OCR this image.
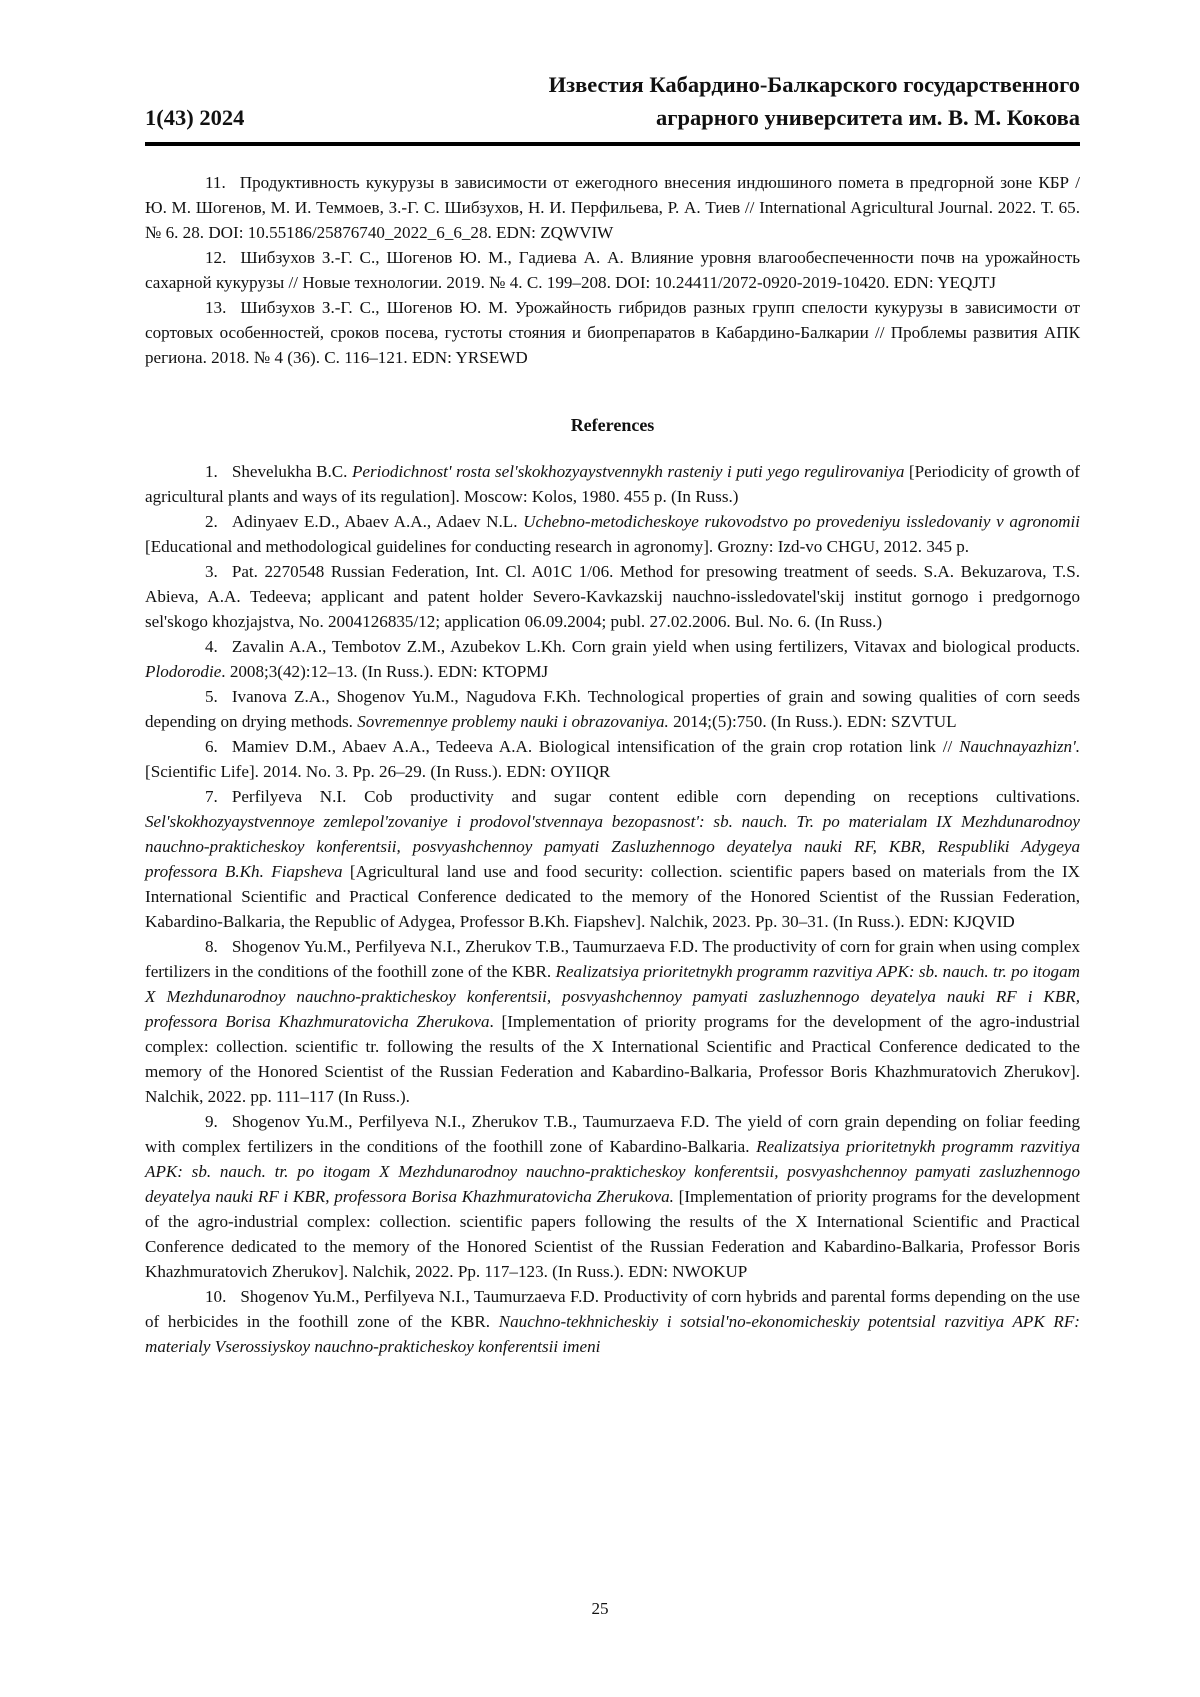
Известия Кабардино-Балкарского государственного
аграрного университета им. В. М. Кокова
1(43) 2024

11. Продуктивность кукурузы в зависимости от ежегодного внесения индюшиного помета в предгорной зоне КБР / Ю. М. Шогенов, М. И. Теммоев, З.-Г. С. Шибзухов, Н. И. Перфильева, Р. А. Тиев // International Agricultural Journal. 2022. Т. 65. № 6. 28. DOI: 10.55186/25876740_2022_6_6_28. EDN: ZQWVIW

12. Шибзухов З.-Г. С., Шогенов Ю. М., Гадиева А. А. Влияние уровня влагообеспеченности почв на урожайность сахарной кукурузы // Новые технологии. 2019. № 4. С. 199–208. DOI: 10.24411/2072-0920-2019-10420. EDN: YEQJTJ

13. Шибзухов З.-Г. С., Шогенов Ю. М. Урожайность гибридов разных групп спелости кукурузы в зависимости от сортовых особенностей, сроков посева, густоты стояния и биопрепаратов в Кабардино-Балкарии // Проблемы развития АПК региона. 2018. № 4 (36). С. 116–121. EDN: YRSEWD

References

1. Shevelukha B.C. Periodichnost' rosta sel'skokhozyaystvennykh rasteniy i puti yego regulirovaniya [Periodicity of growth of agricultural plants and ways of its regulation]. Moscow: Kolos, 1980. 455 p. (In Russ.)

2. Adinyaev E.D., Abaev A.A., Adaev N.L. Uchebno-metodicheskoye rukovodstvo po provedeniyu issledovaniy v agronomii [Educational and methodological guidelines for conducting research in agronomy]. Grozny: Izd-vo CHGU, 2012. 345 p.

3. Pat. 2270548 Russian Federation, Int. Cl. A01C 1/06. Method for presowing treatment of seeds. S.A. Bekuzarova, T.S. Abieva, A.A. Tedeeva; applicant and patent holder Severo-Kavkazskij nauchno-issledovatel'skij institut gornogo i predgornogo sel'skogo khozjajstva, No. 2004126835/12; application 06.09.2004; publ. 27.02.2006. Bul. No. 6. (In Russ.)

4. Zavalin A.A., Tembotov Z.M., Azubekov L.Kh. Corn grain yield when using fertilizers, Vitavax and biological products. Plodorodie. 2008;3(42):12–13. (In Russ.). EDN: KTOPMJ

5. Ivanova Z.A., Shogenov Yu.M., Nagudova F.Kh. Technological properties of grain and sowing qualities of corn seeds depending on drying methods. Sovremennye problemy nauki i obrazovaniya. 2014;(5):750. (In Russ.). EDN: SZVTUL

6. Mamiev D.M., Abaev A.A., Tedeeva A.A. Biological intensification of the grain crop rotation link // Nauchnayazhizn'. [Scientific Life]. 2014. No. 3. Pp. 26–29. (In Russ.). EDN: OYIIQR

7. Perfilyeva N.I. Cob productivity and sugar content edible corn depending on receptions cultivations. Sel'skokhozyaystvennoye zemlepol'zovaniye i prodovol'stvennaya bezopasnost': sb. nauch. Tr. po materialam IX Mezhdunarodnoy nauchno-prakticheskoy konferentsii, posvyashchennoy pamyati Zasluzhennogo deyatelya nauki RF, KBR, Respubliki Adygeya professora B.Kh. Fiapsheva [Agricultural land use and food security: collection. scientific papers based on materials from the IX International Scientific and Practical Conference dedicated to the memory of the Honored Scientist of the Russian Federation, Kabardino-Balkaria, the Republic of Adygea, Professor B.Kh. Fiapshev]. Nalchik, 2023. Pp. 30–31. (In Russ.). EDN: KJQVID

8. Shogenov Yu.M., Perfilyeva N.I., Zherukov T.B., Taumurzaeva F.D. The productivity of corn for grain when using complex fertilizers in the conditions of the foothill zone of the KBR. Realizatsiya prioritetnykh programm razvitiya APK: sb. nauch. tr. po itogam X Mezhdunarodnoy nauchno-prakticheskoy konferentsii, posvyashchennoy pamyati zasluzhennogo deyatelya nauki RF i KBR, professora Borisa Khazhmuratovicha Zherukova. [Implementation of priority programs for the development of the agro-industrial complex: collection. scientific tr. following the results of the X International Scientific and Practical Conference dedicated to the memory of the Honored Scientist of the Russian Federation and Kabardino-Balkaria, Professor Boris Khazhmuratovich Zherukov]. Nalchik, 2022. pp. 111–117 (In Russ.).

9. Shogenov Yu.M., Perfilyeva N.I., Zherukov T.B., Taumurzaeva F.D. The yield of corn grain depending on foliar feeding with complex fertilizers in the conditions of the foothill zone of Kabardino-Balkaria. Realizatsiya prioritetnykh programm razvitiya APK: sb. nauch. tr. po itogam X Mezhdunarodnoy nauchno-prakticheskoy konferentsii, posvyashchennoy pamyati zasluzhennogo deyatelya nauki RF i KBR, professora Borisa Khazhmuratovicha Zherukova. [Implementation of priority programs for the development of the agro-industrial complex: collection. scientific papers following the results of the X International Scientific and Practical Conference dedicated to the memory of the Honored Scientist of the Russian Federation and Kabardino-Balkaria, Professor Boris Khazhmuratovich Zherukov]. Nalchik, 2022. Pp. 117–123. (In Russ.). EDN: NWOKUP

10. Shogenov Yu.M., Perfilyeva N.I., Taumurzaeva F.D. Productivity of corn hybrids and parental forms depending on the use of herbicides in the foothill zone of the KBR. Nauchno-tekhnicheskiy i sotsial'no-ekonomicheskiy potentsial razvitiya APK RF: materialy Vserossiyskoy nauchno-prakticheskoy konferentsii imeni

25
